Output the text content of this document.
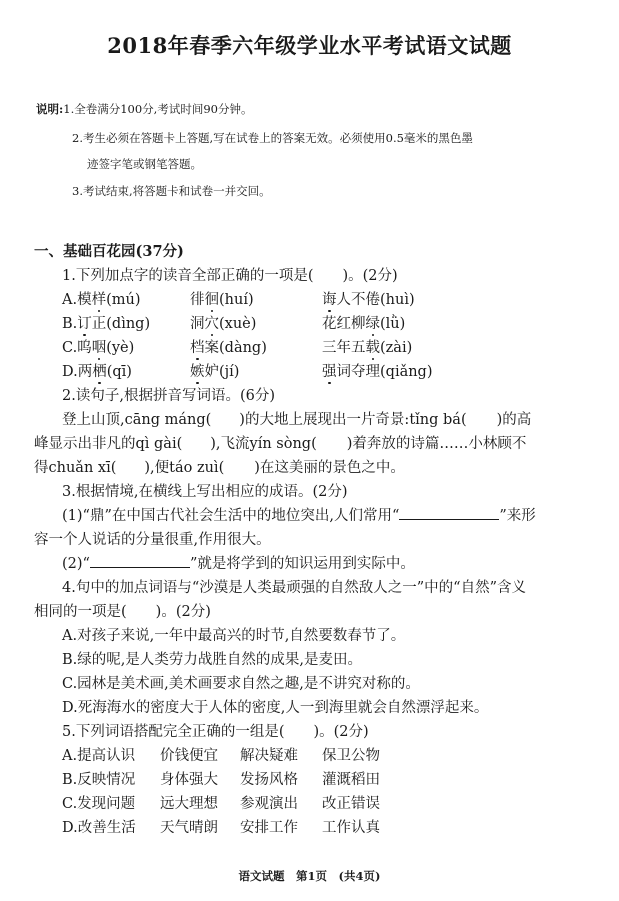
2018年春季六年级学业水平考试语文试题
说明:1.全卷满分100分,考试时间90分钟。
2.考生必须在答题卡上答题,写在试卷上的答案无效。必须使用0.5毫米的黑色墨
迹签字笔或钢笔答题。
3.考试结束,将答题卡和试卷一并交回。
一、基础百花园(37分)
1.下列加点字的读音全部正确的一项是(　　)。(2分)
A.模样(mú)	徘徊(huí)	诲人不倦(huì)
B.订正(dìng)	洞穴(xuè)	花红柳绿(lǜ)
C.呜咽(yè)	档案(dàng)	三年五载(zài)
D.两栖(qī)	嫉妒(jí)	强词夺理(qiǎng)
2.读句子,根据拼音写词语。(6分)
登上山顶,cāng máng( )的大地上展现出一片奇景:tǐng bá( )的高
峰显示出非凡的qì gài( ),飞流yín sòng( )着奔放的诗篇……小林顾不
得chuǎn xī( ),便táo zuì( )在这美丽的景色之中。
3.根据情境,在横线上写出相应的成语。(2分)
(1)“鼎”在中国古代社会生活中的地位突出,人们常用“	”来形
容一个人说话的分量很重,作用很大。
(2)“	”就是将学到的知识运用到实际中。
4.句中的加点词语与“沙漠是人类最顽强的自然敌人之一”中的“自然”含义
相同的一项是(　　)。(2分)
A.对孩子来说,一年中最高兴的时节,自然要数春节了。
B.绿的呢,是人类劳力战胜自然的成果,是麦田。
C.园林是美术画,美术画要求自然之趣,是不讲究对称的。
D.死海海水的密度大于人体的密度,人一到海里就会自然漂浮起来。
5.下列词语搭配完全正确的一组是(　　)。(2分)
A.提高认识 价钱便宜 解决疑难 保卫公物
B.反映情况 身体强大 发扬风格 灌溉稻田
C.发现问题 远大理想 参观演出 改正错误
D.改善生活 天气晴朗 安排工作 工作认真
语文试题　第1页　(共4页)
